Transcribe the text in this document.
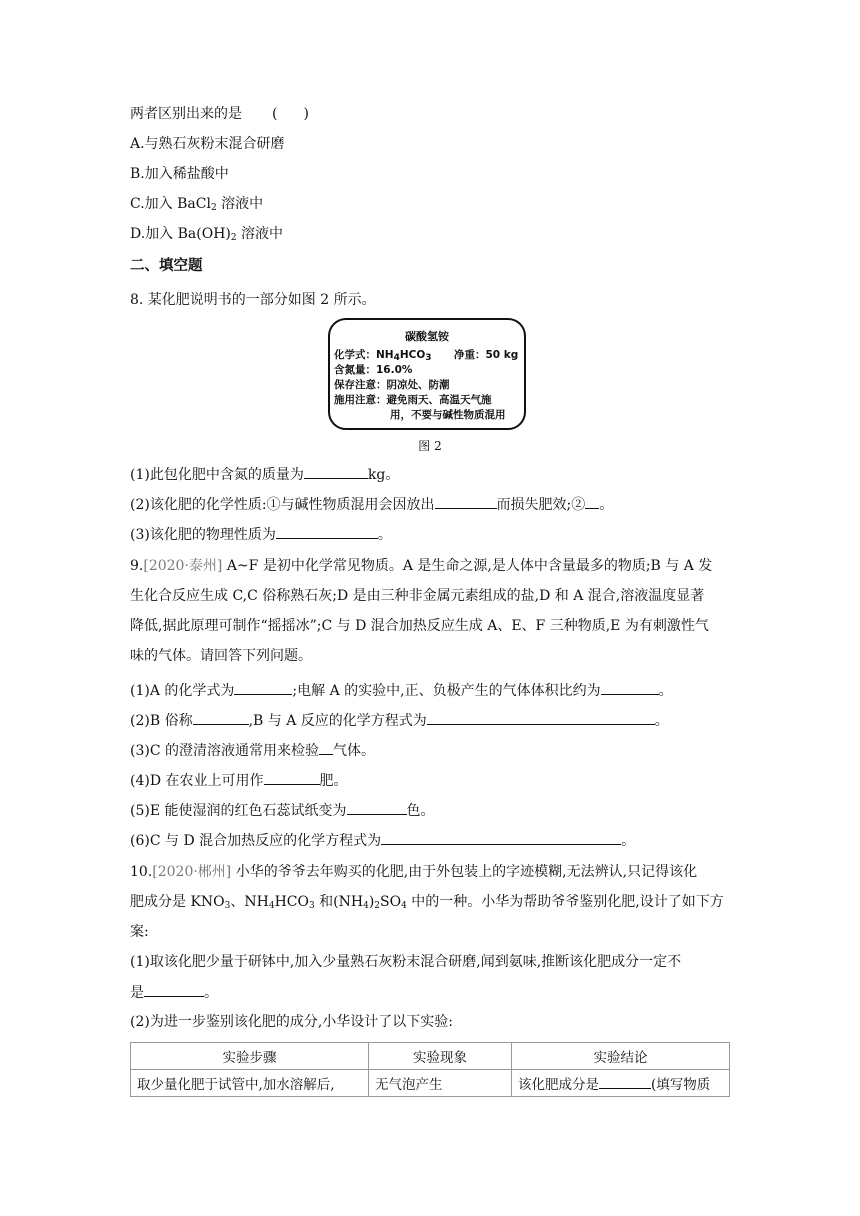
两者区别出来的是 ( )
A.与熟石灰粉末混合研磨
B.加入稀盐酸中
C.加入 BaCl$_2$ 溶液中
D.加入 $Ba(OH)_2$ 溶液中
二、填空题
8. 某化肥说明书的一部分如图 2 所示。
碳酸氢铵
化学式：$NH_4HCO_3$ 净重：50 kg
含氮量：16.0%
保存注意：阴凉处、防潮
施用注意：避免雨天、高温天气施
用，不要与碱性物质混用
图 2
(1)此包化肥中含氮的质量为	kg。
(2)该化肥的化学性质:①与碱性物质混用会因放出	而损失肥效;② 。
(3)该化肥的物理性质为	。
9.[2020·泰州] A~F 是初中化学常见物质。A 是生命之源,是人体中含量最多的物质;B 与 A 发
生化合反应生成 C,C 俗称熟石灰;D 是由三种非金属元素组成的盐,D 和 A 混合,溶液温度显著
降低,据此原理可制作“摇摇冰”;C 与 D 混合加热反应生成 A、E、F 三种物质,E 为有刺激性气
味的气体。请回答下列问题。
(1)A 的化学式为	;电解 A 的实验中,正、负极产生的气体体积比约为	。
(2)B 俗称	,B 与 A 反应的化学方程式为	。
(3)C 的澄清溶液通常用来检验 气体。
(4)D 在农业上可用作	肥。
(5)E 能使湿润的红色石蕊试纸变为	色。
(6)C 与 D 混合加热反应的化学方程式为	。
10.[2020·郴州] 小华的爷爷去年购买的化肥,由于外包装上的字迹模糊,无法辨认,只记得该化
肥成分是 $KNO_3$、$NH_4HCO_3$ 和$(NH_4)_2SO_4$ 中的一种。小华为帮助爷爷鉴别化肥,设计了如下方
案:
(1)取该化肥少量于研钵中,加入少量熟石灰粉末混合研磨,闻到氨味,推断该化肥成分一定不
是	。
(2)为进一步鉴别该化肥的成分,小华设计了以下实验:
实验步骤	实验现象	实验结论
取少量化肥于试管中,加水溶解后,	无气泡产生	该化肥成分是 (填写物质
